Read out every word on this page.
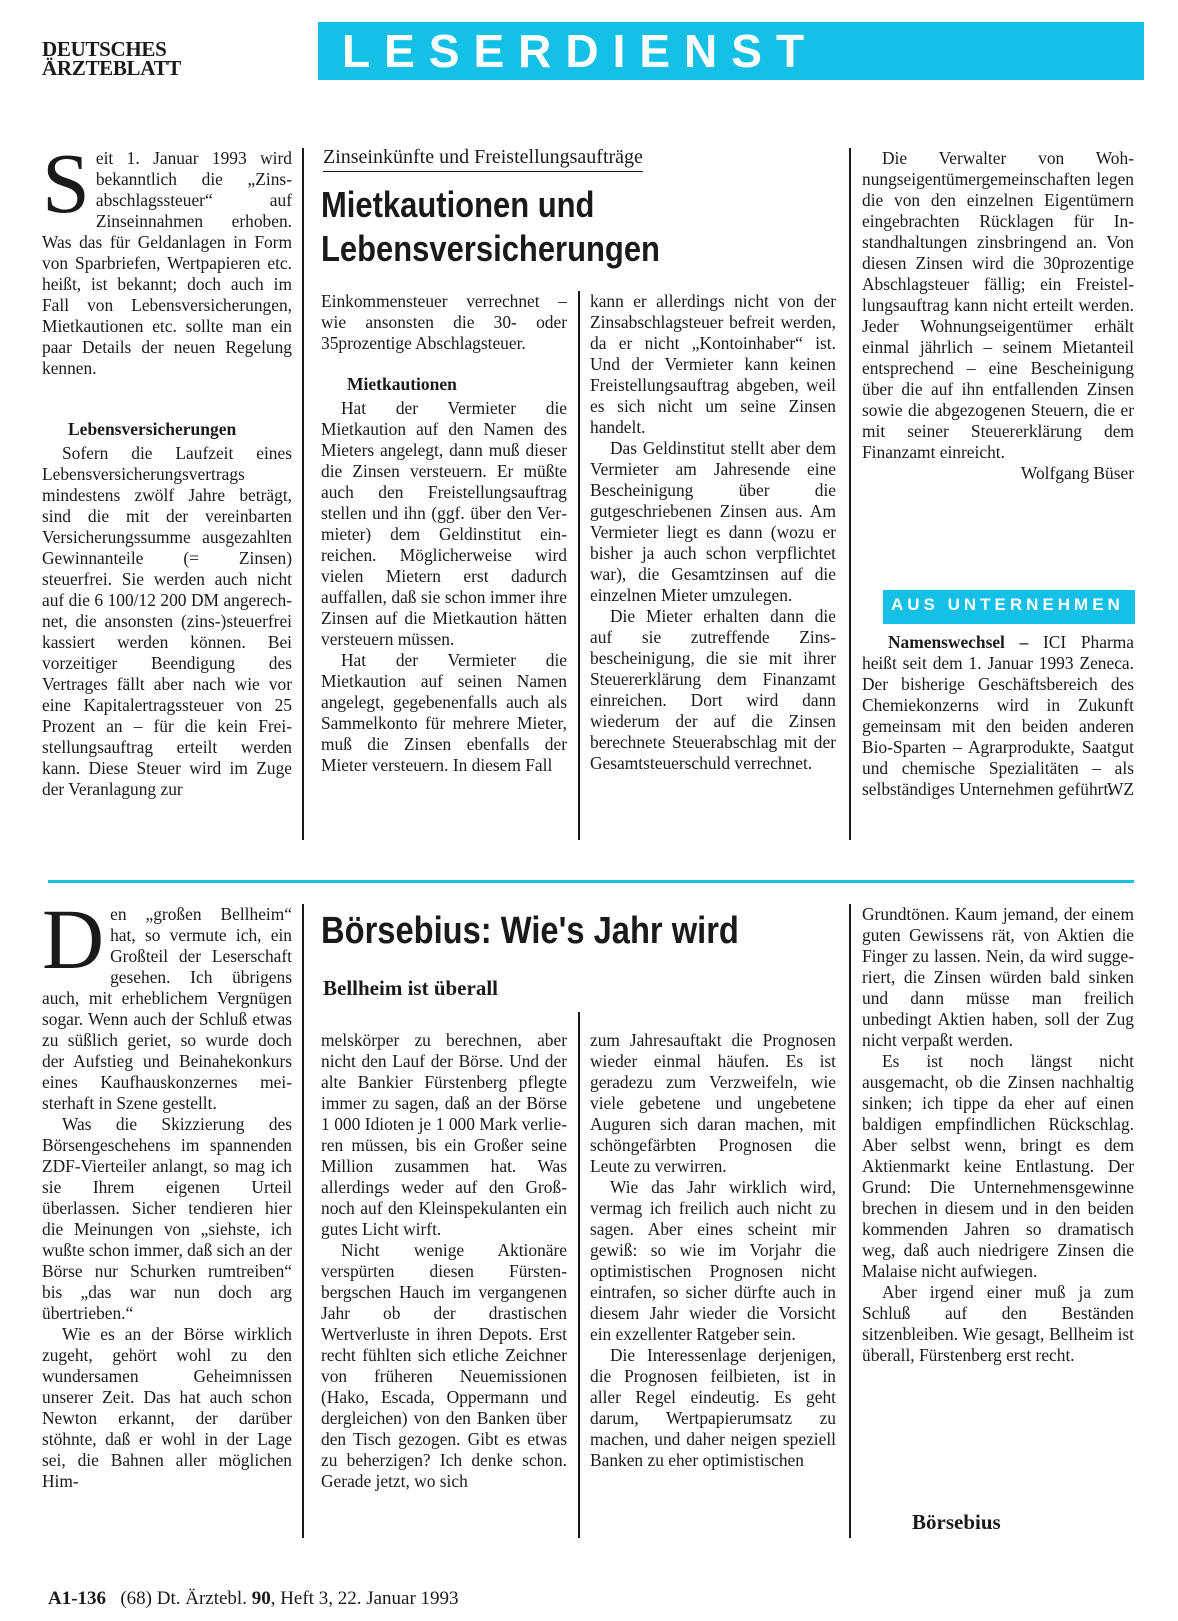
DEUTSCHES
ÄRZTEBLATT	LESERDIENST
S eit 1. Januar 1993 wird bekanntlich die „Zinsabschlagssteuer“ auf Zinseinnahmen erhoben. Was das für Geldanlagen in Form von Sparbriefen, Wertpapieren etc. heißt, ist bekannt; doch auch im Fall von Lebensversicherungen, Mietkautionen etc. sollte man ein paar Details der neuen Regelung kennen.

Lebensversicherungen

Sofern die Laufzeit eines Lebensversicherungsvertrags mindestens zwölf Jahre beträgt, sind die mit der vereinbarten Versicherungssumme ausgezahlten Gewinnanteile (= Zinsen) steuerfrei. Sie werden auch nicht auf die 6 100/12 200 DM angerechnet, die ansonsten (zins-)steuerfrei kassiert werden können. Bei vorzeitiger Beendigung des Vertrages fällt aber nach wie vor eine Kapitalertragssteuer von 25 Prozent an – für die kein Freistellungsauftrag erteilt werden kann. Diese Steuer wird im Zuge der Veranlagung zur

Zinseinkünfte und Freistellungsaufträge
Mietkautionen und
Lebensversicherungen

Einkommensteuer verrechnet – wie ansonsten die 30- oder 35prozentige Abschlagsteuer.

Mietkautionen

Hat der Vermieter die Mietkaution auf den Namen des Mieters angelegt, dann muß dieser die Zinsen versteuern. Er müßte auch den Freistellungsauftrag stellen und ihn (ggf. über den Vermieter) dem Geldinstitut einreichen. Möglicherweise wird vielen Mietern erst dadurch auffallen, daß sie schon immer ihre Zinsen auf die Mietkaution hätten versteuern müssen.

Hat der Vermieter die Mietkaution auf seinen Namen angelegt, gegebenenfalls auch als Sammelkonto für mehrere Mieter, muß die Zinsen ebenfalls der Mieter versteuern. In diesem Fall

kann er allerdings nicht von der Zinsabschlagsteuer befreit werden, da er nicht „Kontoinhaber“ ist. Und der Vermieter kann keinen Freistellungsauftrag abgeben, weil es sich nicht um seine Zinsen handelt.

Das Geldinstitut stellt aber dem Vermieter am Jahresende eine Bescheinigung über die gutgeschriebenen Zinsen aus. Am Vermieter liegt es dann (wozu er bisher ja auch schon verpflichtet war), die Gesamtzinsen auf die einzelnen Mieter umzulegen.

Die Mieter erhalten dann die auf sie zutreffende Zinsbescheinigung, die sie mit ihrer Steuererklärung dem Finanzamt einreichen. Dort wird dann wiederum der auf die Zinsen berechnete Steuerabschlag mit der Gesamtsteuerschuld verrechnet.

Die Verwalter von Wohnungseigentümergemeinschaften legen die von den einzelnen Eigentümern eingebrachten Rücklagen für Instandhaltungen zinsbringend an. Von diesen Zinsen wird die 30prozentige Abschlagsteuer fällig; ein Freistellungsauftrag kann nicht erteilt werden. Jeder Wohnungseigentümer erhält einmal jährlich – seinem Mietanteil entsprechend – eine Bescheinigung über die auf ihn entfallenden Zinsen sowie die abgezogenen Steuern, die er mit seiner Steuererklärung dem Finanzamt einreicht.

Wolfgang Büser
AUS UNTERNEHMEN

Namenswechsel – ICI Pharma heißt seit dem 1. Januar 1993 Zeneca. Der bisherige Geschäftsbereich des Chemiekonzerns wird in Zukunft gemeinsam mit den beiden anderen Bio-Sparten – Agrarprodukte, Saatgut und chemische Spezialitäten – als selbständiges Unternehmen geführt.

WZ
D en „großen Bellheim“ hat, so vermute ich, ein Großteil der Leserschaft gesehen. Ich übrigens auch, mit erheblichem Vergnügen sogar. Wenn auch der Schluß etwas zu süßlich geriet, so wurde doch der Aufstieg und Beinahekonkurs eines Kaufhauskonzernes meisterhaft in Szene gestellt.

Was die Skizzierung des Börsengeschehens im spannenden ZDF-Vierteiler anlangt, so mag ich sie Ihrem eigenen Urteil überlassen. Sicher tendieren hier die Meinungen von „siehste, ich wußte schon immer, daß sich an der Börse nur Schurken rumtreiben“ bis „das war nun doch arg übertrieben.“

Wie es an der Börse wirklich zugeht, gehört wohl zu den wundersamen Geheimnissen unserer Zeit. Das hat auch schon Newton erkannt, der darüber stöhnte, daß er wohl in der Lage sei, die Bahnen aller möglichen Him-

Börsebius: Wie's Jahr wird
Bellheim ist überall

melskörper zu berechnen, aber nicht den Lauf der Börse. Und der alte Bankier Fürstenberg pflegte immer zu sagen, daß an der Börse 1 000 Idioten je 1 000 Mark verlieren müssen, bis ein Großer seine Million zusammen hat. Was allerdings weder auf den Groß- noch auf den Kleinspekulanten ein gutes Licht wirft.

Nicht wenige Aktionäre verspürten diesen Fürstenbergschen Hauch im vergangenen Jahr ob der drastischen Wertverluste in ihren Depots. Erst recht fühlten sich etliche Zeichner von früheren Neuemissionen (Hako, Escada, Oppermann und dergleichen) von den Banken über den Tisch gezogen. Gibt es etwas zu beherzigen? Ich denke schon. Gerade jetzt, wo sich

zum Jahresauftakt die Prognosen wieder einmal häufen. Es ist geradezu zum Verzweifeln, wie viele gebetene und ungebetene Auguren sich daran machen, mit schöngefärbten Prognosen die Leute zu verwirren.

Wie das Jahr wirklich wird, vermag ich freilich auch nicht zu sagen. Aber eines scheint mir gewiß: so wie im Vorjahr die optimistischen Prognosen nicht eintrafen, so sicher dürfte auch in diesem Jahr wieder die Vorsicht ein exzellenter Ratgeber sein.

Die Interessenlage derjenigen, die Prognosen feilbieten, ist in aller Regel eindeutig. Es geht darum, Wertpapierumsatz zu machen, und daher neigen speziell Banken zu eher optimistischen

Grundtönen. Kaum jemand, der einem guten Gewissens rät, von Aktien die Finger zu lassen. Nein, da wird suggeriert, die Zinsen würden bald sinken und dann müsse man freilich unbedingt Aktien haben, soll der Zug nicht verpaßt werden.

Es ist noch längst nicht ausgemacht, ob die Zinsen nachhaltig sinken; ich tippe da eher auf einen baldigen empfindlichen Rückschlag. Aber selbst wenn, bringt es dem Aktienmarkt keine Entlastung. Der Grund: Die Unternehmensgewinne brechen in diesem und in den beiden kommenden Jahren so dramatisch weg, daß auch niedrigere Zinsen die Malaise nicht aufwiegen.

Aber irgend einer muß ja zum Schluß auf den Beständen sitzenbleiben. Wie gesagt, Bellheim ist überall, Fürstenberg erst recht.

Börsebius
A1-136 (68) Dt. Ärztebl. 90, Heft 3, 22. Januar 1993
